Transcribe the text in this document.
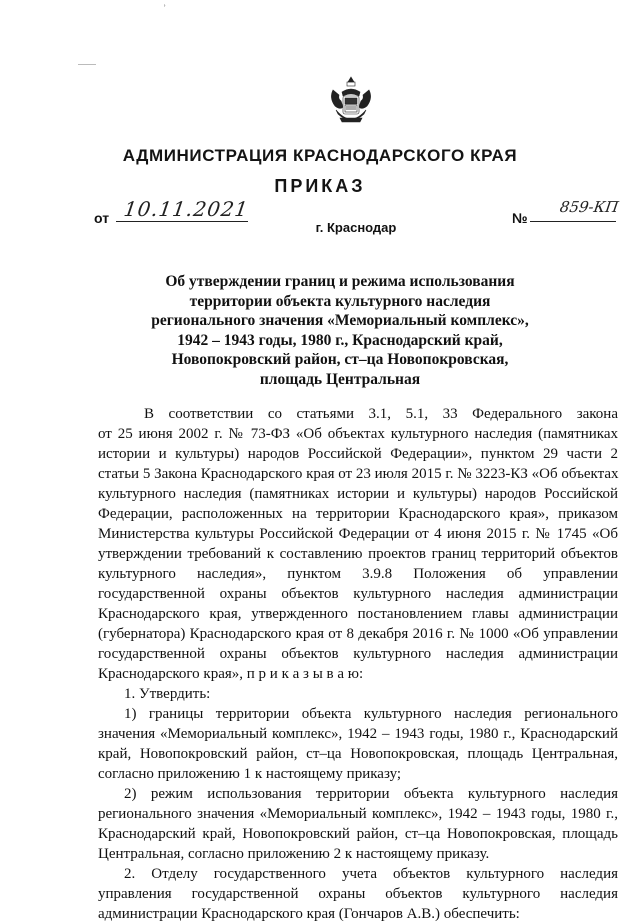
ʾ
АДМИНИСТРАЦИЯ КРАСНОДАРСКОГО КРАЯ
ПРИКАЗ
от 10.11.2021	№
859-КП
г. Краснодар
Об утверждении границ и режима использования
территории объекта культурного наследия
регионального значения «Мемориальный комплекс»,
1942 – 1943 годы, 1980 г., Краснодарский край,
Новопокровский район, ст–ца Новопокровская,
площадь Центральная
В соответствии со статьями 3.1, 5.1, 33 Федерального закона
от 25 июня 2002 г. № 73-ФЗ «Об объектах культурного наследия (памятниках
истории и культуры) народов Российской Федерации», пунктом 29 части 2
статьи 5 Закона Краснодарского края от 23 июля 2015 г. № 3223-КЗ «Об объектах
культурного наследия (памятниках истории и культуры) народов Российской
Федерации, расположенных на территории Краснодарского края», приказом
Министерства культуры Российской Федерации от 4 июня 2015 г. № 1745 «Об
утверждении требований к составлению проектов границ территорий объектов
культурного наследия», пунктом 3.9.8 Положения об управлении
государственной охраны объектов культурного наследия администрации
Краснодарского края, утвержденного постановлением главы администрации
(губернатора) Краснодарского края от 8 декабря 2016 г. № 1000 «Об управлении
государственной охраны объектов культурного наследия администрации
Краснодарского края», п р и к а з ы в а ю:
1. Утвердить:
1) границы территории объекта культурного наследия регионального
значения «Мемориальный комплекс», 1942 – 1943 годы, 1980 г., Краснодарский
край, Новопокровский район, ст–ца Новопокровская, площадь Центральная,
согласно приложению 1 к настоящему приказу;
2) режим использования территории объекта культурного наследия
регионального значения «Мемориальный комплекс», 1942 – 1943 годы, 1980 г.,
Краснодарский край, Новопокровский район, ст–ца Новопокровская, площадь
Центральная, согласно приложению 2 к настоящему приказу.
2. Отделу государственного учета объектов культурного наследия
управления государственной охраны объектов культурного наследия
администрации Краснодарского края (Гончаров А.В.) обеспечить:
